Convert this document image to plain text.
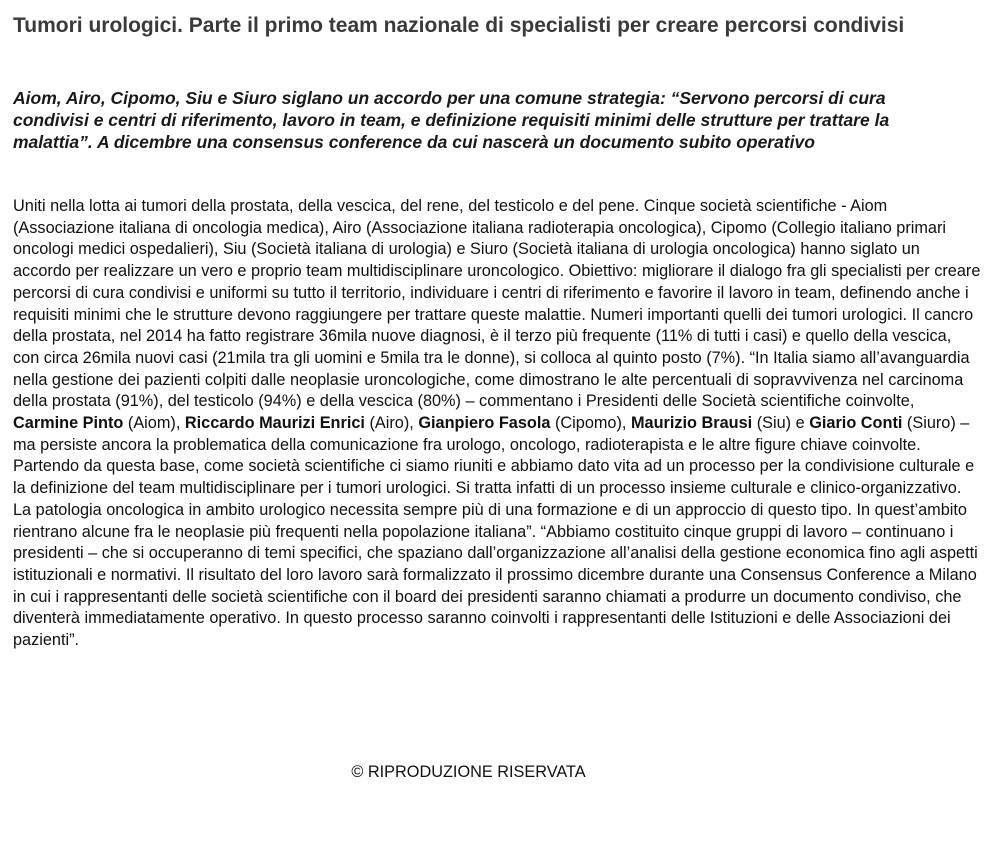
Tumori urologici. Parte il primo team nazionale di specialisti per creare percorsi condivisi

Aiom, Airo, Cipomo, Siu e Siuro siglano un accordo per una comune strategia: “Servono percorsi di cura condivisi e centri di riferimento, lavoro in team, e definizione requisiti minimi delle strutture per trattare la malattia”. A dicembre una consensus conference da cui nascerà un documento subito operativo

Uniti nella lotta ai tumori della prostata, della vescica, del rene, del testicolo e del pene. Cinque società scientifiche - Aiom (Associazione italiana di oncologia medica), Airo (Associazione italiana radioterapia oncologica), Cipomo (Collegio italiano primari oncologi medici ospedalieri), Siu (Società italiana di urologia) e Siuro (Società italiana di urologia oncologica) hanno siglato un accordo per realizzare un vero e proprio team multidisciplinare uroncologico. Obiettivo: migliorare il dialogo fra gli specialisti per creare percorsi di cura condivisi e uniformi su tutto il territorio, individuare i centri di riferimento e favorire il lavoro in team, definendo anche i requisiti minimi che le strutture devono raggiungere per trattare queste malattie. Numeri importanti quelli dei tumori urologici. Il cancro della prostata, nel 2014 ha fatto registrare 36mila nuove diagnosi, è il terzo più frequente (11% di tutti i casi) e quello della vescica, con circa 26mila nuovi casi (21mila tra gli uomini e 5mila tra le donne), si colloca al quinto posto (7%). “In Italia siamo all’avanguardia nella gestione dei pazienti colpiti dalle neoplasie uroncologiche, come dimostrano le alte percentuali di sopravvivenza nel carcinoma della prostata (91%), del testicolo (94%) e della vescica (80%) – commentano i Presidenti delle Società scientifiche coinvolte, Carmine Pinto (Aiom), Riccardo Maurizi Enrici (Airo), Gianpiero Fasola (Cipomo), Maurizio Brausi (Siu) e Giario Conti (Siuro) – ma persiste ancora la problematica della comunicazione fra urologo, oncologo, radioterapista e le altre figure chiave coinvolte. Partendo da questa base, come società scientifiche ci siamo riuniti e abbiamo dato vita ad un processo per la condivisione culturale e la definizione del team multidisciplinare per i tumori urologici. Si tratta infatti di un processo insieme culturale e clinico-organizzativo. La patologia oncologica in ambito urologico necessita sempre più di una formazione e di un approccio di questo tipo. In quest’ambito rientrano alcune fra le neoplasie più frequenti nella popolazione italiana”. “Abbiamo costituito cinque gruppi di lavoro – continuano i presidenti – che si occuperanno di temi specifici, che spaziano dall’organizzazione all’analisi della gestione economica fino agli aspetti istituzionali e normativi. Il risultato del loro lavoro sarà formalizzato il prossimo dicembre durante una Consensus Conference a Milano in cui i rappresentanti delle società scientifiche con il board dei presidenti saranno chiamati a produrre un documento condiviso, che diventerà immediatamente operativo. In questo processo saranno coinvolti i rappresentanti delle Istituzioni e delle Associazioni dei pazienti”.

© RIPRODUZIONE RISERVATA
